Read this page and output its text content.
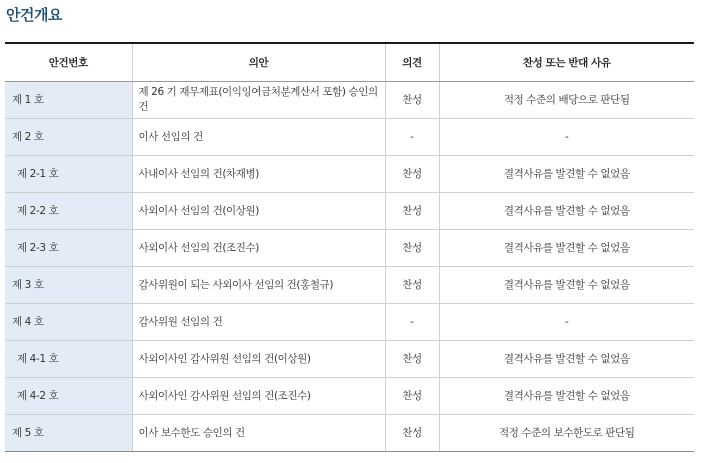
안건개요
안건번호	의안	의견	찬성 또는 반대 사유
제 1 호	제 26 기 재무제표(이익잉여금처분계산서 포함) 승인의 건	찬성	적정 수준의 배당으로 판단됨
제 2 호	이사 선임의 건	-	-
제 2-1 호	사내이사 선임의 건(차재병)	찬성	결격사유를 발견할 수 없었음
제 2-2 호	사외이사 선임의 건(이상원)	찬성	결격사유를 발견할 수 없었음
제 2-3 호	사외이사 선임의 건(조진수)	찬성	결격사유를 발견할 수 없었음
제 3 호	감사위원이 되는 사외이사 선임의 건(홍철규)	찬성	결격사유를 발견할 수 없었음
제 4 호	감사위원 선임의 건	-	-
제 4-1 호	사외이사인 감사위원 선임의 건(이상원)	찬성	결격사유를 발견할 수 없었음
제 4-2 호	사외이사인 감사위원 선임의 건(조진수)	찬성	결격사유를 발견할 수 없었음
제 5 호	이사 보수한도 승인의 건	찬성	적정 수준의 보수한도로 판단됨
